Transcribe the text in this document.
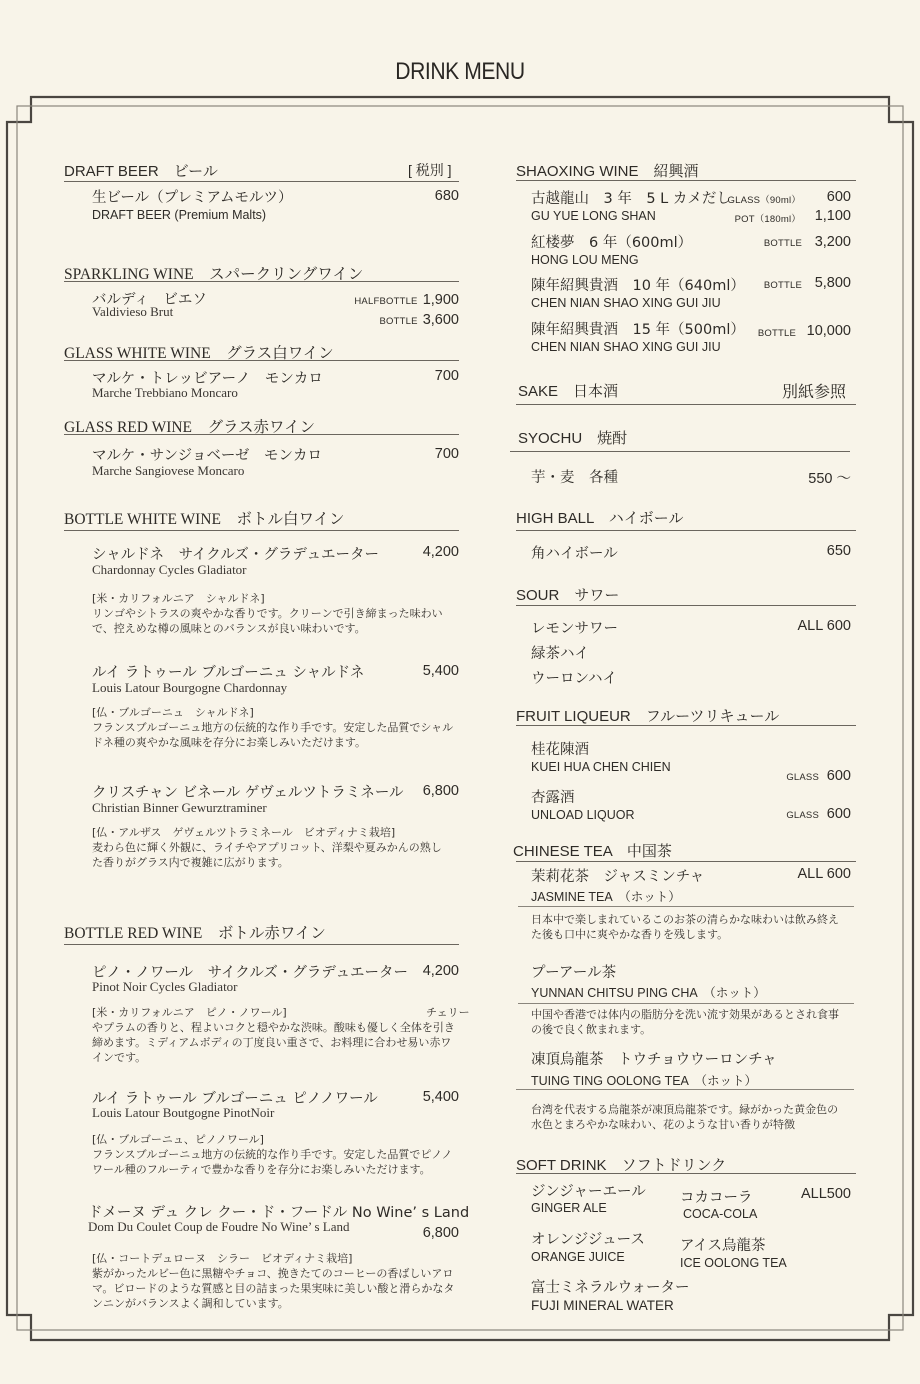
DRINK MENU
DRAFT BEER　ビール	[ 税別 ]
生ビール（プレミアムモルツ）
DRAFT BEER (Premium Malts)
680
SPARKLING WINE　スパークリングワイン
バルディ　ビエソ
Valdivieso Brut
HALFBOTTLE 1,900
BOTTLE 3,600
GLASS WHITE WINE　グラス白ワイン
マルケ・トレッビアーノ　モンカロ
Marche Trebbiano Moncaro
700
GLASS RED WINE　グラス赤ワイン
マルケ・サンジョベーゼ　モンカロ
Marche Sangiovese Moncaro
700
BOTTLE WHITE WINE　ボトル白ワイン
シャルドネ　サイクルズ・グラデュエーター
Chardonnay Cycles Gladiator
4,200
[米・カリフォルニア　シャルドネ]
リンゴやシトラスの爽やかな香りです。クリーンで引き締まった味わいで、控えめな樽の風味とのバランスが良い味わいです。
ルイ ラトゥール ブルゴーニュ シャルドネ
Louis Latour Bourgogne Chardonnay
5,400
[仏・ブルゴーニュ　シャルドネ]
フランスブルゴーニュ地方の伝統的な作り手です。安定した品質でシャルドネ種の爽やかな風味を存分にお楽しみいただけます。
クリスチャン ビネール ゲヴェルツトラミネール
Christian Binner Gewurztraminer
6,800
[仏・アルザス　ゲヴェルツトラミネール　ビオディナミ栽培]
麦わら色に輝く外観に、ライチやアプリコット、洋梨や夏みかんの熟した香りがグラス内で複雑に広がります。
BOTTLE RED WINE　ボトル赤ワイン
ピノ・ノワール　サイクルズ・グラデュエーター
Pinot Noir Cycles Gladiator
4,200
[米・カリフォルニア　ピノ・ノワール]	チェリー
やプラムの香りと、程よいコクと穏やかな渋味。酸味も優しく全体を引き締めます。ミディアムボディの丁度良い重さで、お料理に合わせ易い赤ワインです。
ルイ ラトゥール ブルゴーニュ ピノノワール
Louis Latour Boutgogne PinotNoir
5,400
[仏・ブルゴーニュ、ピノノワール]
フランスブルゴーニュ地方の伝統的な作り手です。安定した品質でピノノワール種のフルーティで豊かな香りを存分にお楽しみいただけます。
ドメーヌ デュ クレ クー・ド・フードル No Wine’ s Land
Dom Du Coulet Coup de Foudre No Wine’ s Land	6,800
[仏・コートデュローヌ　シラー　ビオディナミ栽培]
紫がかったルビー色に黒糖やチョコ、挽きたてのコーヒーの香ばしいアロマ。ビロードのような質感と目の詰まった果実味に美しい酸と滑らかなタンニンがバランスよく調和しています。
SHAOXING WINE　紹興酒
古越龍山　3 年　5 L カメだし
GU YUE LONG SHAN
GLASS（90ml） 600
POT（180ml） 1,100
紅楼夢　6 年（600ml）
HONG LOU MENG
BOTTLE 3,200
陳年紹興貴酒　10 年（640ml）
CHEN NIAN SHAO XING GUI JIU
BOTTLE 5,800
陳年紹興貴酒　15 年（500ml）
CHEN NIAN SHAO XING GUI JIU
BOTTLE 10,000
SAKE　日本酒	別紙参照
SYOCHU　焼酎
芋・麦　各種	550 ～
HIGH BALL　ハイボール
角ハイボール	650
SOUR　サワー
ALL 600
レモンサワー
緑茶ハイ
ウーロンハイ
FRUIT LIQUEUR　フルーツリキュール
桂花陳酒
KUEI HUA CHEN CHIEN
GLASS 600
杏露酒
UNLOAD LIQUOR	GLASS 600
CHINESE TEA　中国茶
ALL 600
茉莉花茶　ジャスミンチャ
JASMINE TEA　（ホット）
日本中で楽しまれているこのお茶の清らかな味わいは飲み終えた後も口中に爽やかな香りを残します。
プーアール茶
YUNNAN CHITSU PING CHA　（ホット）
中国や香港では体内の脂肪分を洗い流す効果があるとされ食事の後で良く飲まれます。
凍頂烏龍茶　トウチョウウーロンチャ
TUING TING OOLONG TEA　（ホット）
台湾を代表する烏龍茶が凍頂烏龍茶です。緑がかった黄金色の水色とまろやかな味わい、花のような甘い香りが特徴
SOFT DRINK　ソフトドリンク
ALL500
ジンジャーエール
GINGER ALE
コカコーラ
COCA-COLA
オレンジジュース
ORANGE JUICE
アイス烏龍茶
ICE OOLONG TEA
富士ミネラルウォーター
FUJI MINERAL WATER
